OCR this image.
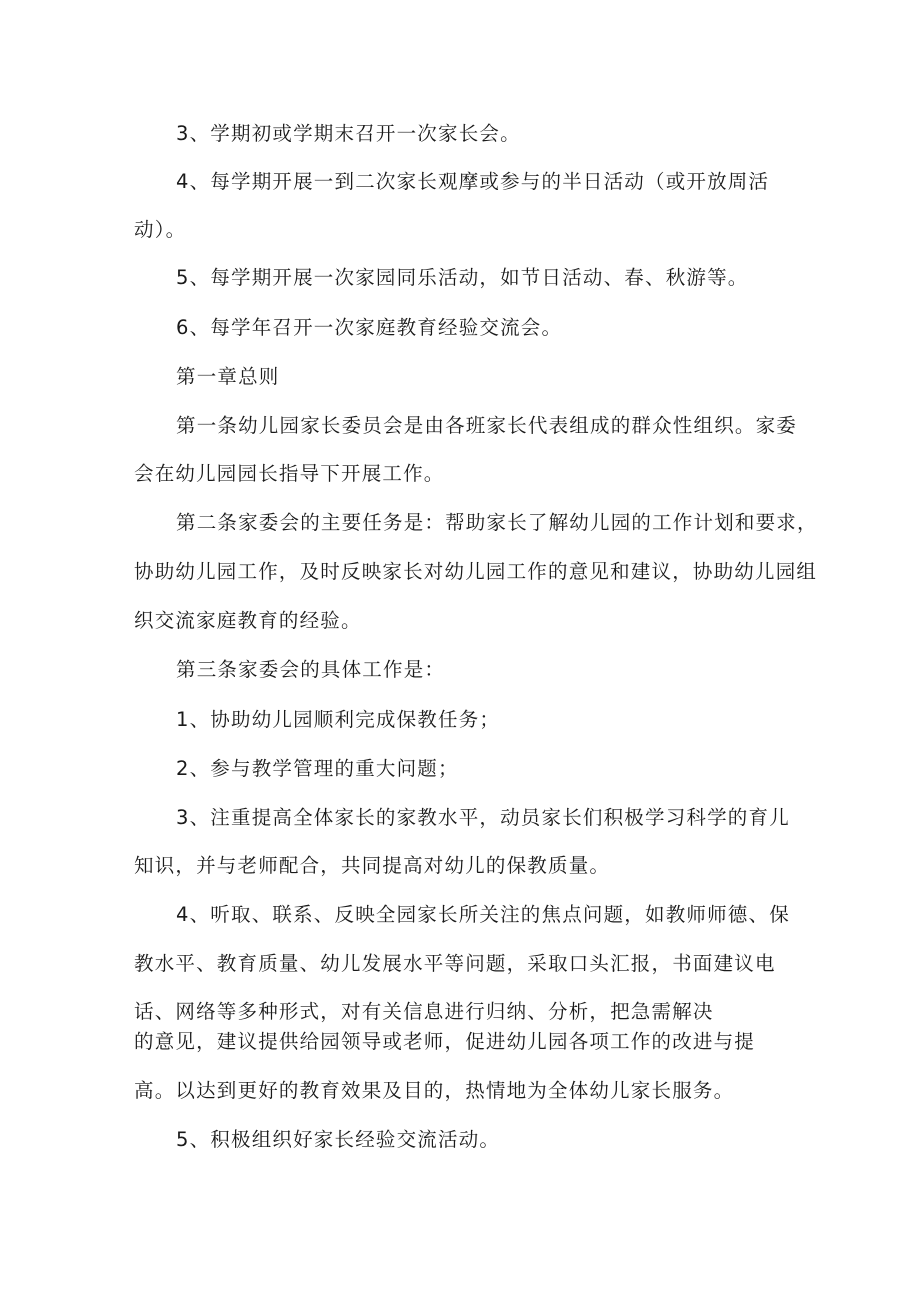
3、学期初或学期末召开一次家长会。
4、每学期开展一到二次家长观摩或参与的半日活动（或开放周活
动）。
5、每学期开展一次家园同乐活动，如节日活动、春、秋游等。
6、每学年召开一次家庭教育经验交流会。
第一章总则
第一条幼儿园家长委员会是由各班家长代表组成的群众性组织。家委
会在幼儿园园长指导下开展工作。
第二条家委会的主要任务是：帮助家长了解幼儿园的工作计划和要求，
协助幼儿园工作，及时反映家长对幼儿园工作的意见和建议，协助幼儿园组
织交流家庭教育的经验。
第三条家委会的具体工作是：
1、协助幼儿园顺利完成保教任务；
2、参与教学管理的重大问题；
3、注重提高全体家长的家教水平，动员家长们积极学习科学的育儿
知识，并与老师配合，共同提高对幼儿的保教质量。
4、听取、联系、反映全园家长所关注的焦点问题，如教师师德、保
教水平、教育质量、幼儿发展水平等问题，采取口头汇报，书面建议电
话、网络等多种形式，对有关信息进行归纳、分析，把急需解决
的意见，建议提供给园领导或老师，促进幼儿园各项工作的改进与提
高。以达到更好的教育效果及目的，热情地为全体幼儿家长服务。
5、积极组织好家长经验交流活动。
